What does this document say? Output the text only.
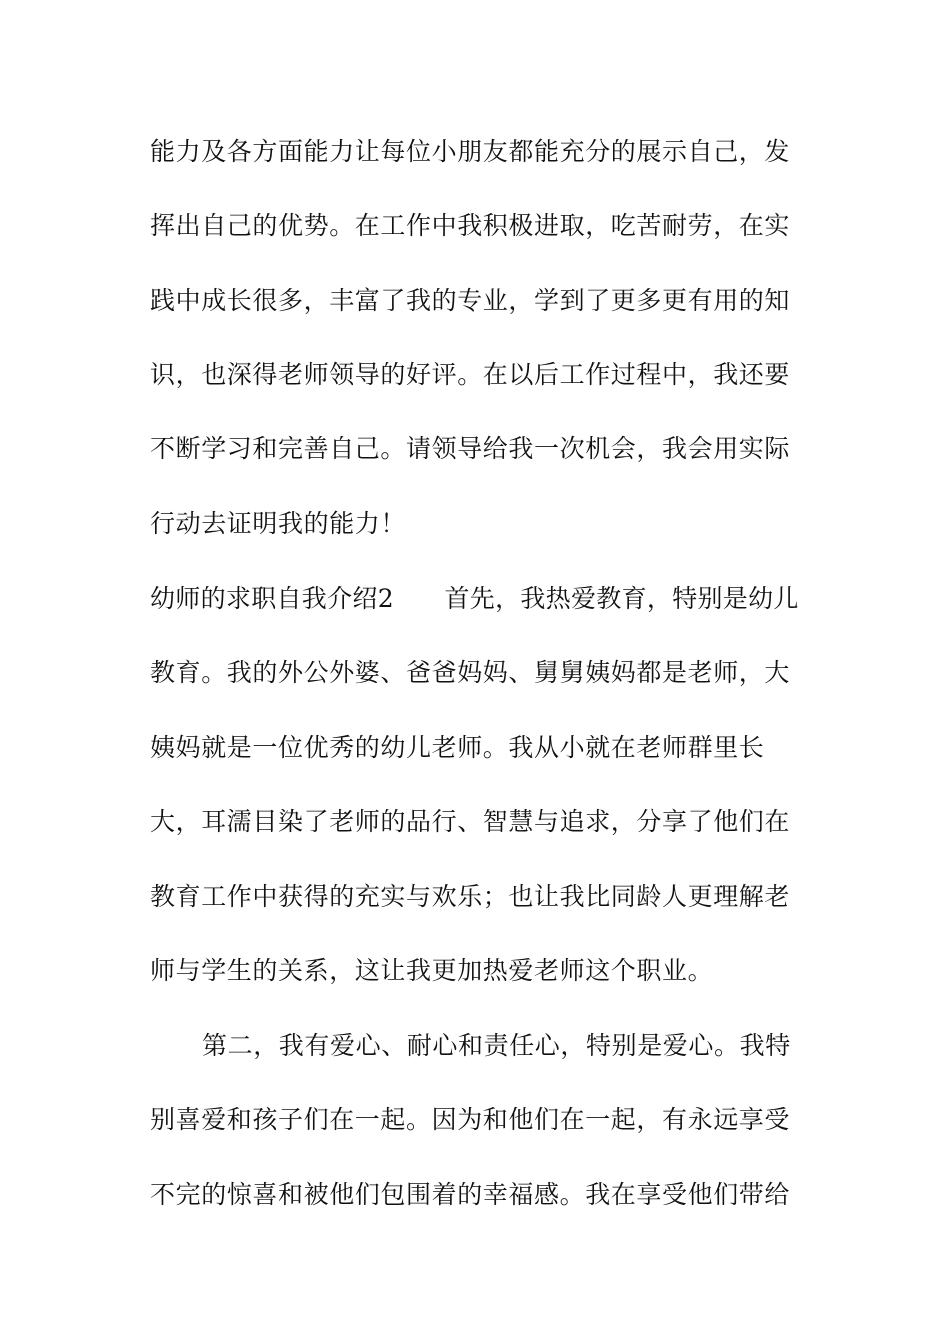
能力及各方面能力让每位小朋友都能充分的展示自己，发
挥出自己的优势。在工作中我积极进取，吃苦耐劳，在实
践中成长很多，丰富了我的专业，学到了更多更有用的知
识，也深得老师领导的好评。在以后工作过程中，我还要
不断学习和完善自己。请领导给我一次机会，我会用实际
行动去证明我的能力！
幼师的求职自我介绍2　　首先，我热爱教育，特别是幼儿
教育。我的外公外婆、爸爸妈妈、舅舅姨妈都是老师，大
姨妈就是一位优秀的幼儿老师。我从小就在老师群里长
大，耳濡目染了老师的品行、智慧与追求，分享了他们在
教育工作中获得的充实与欢乐；也让我比同龄人更理解老
师与学生的关系，这让我更加热爱老师这个职业。
第二，我有爱心、耐心和责任心，特别是爱心。我特
别喜爱和孩子们在一起。因为和他们在一起，有永远享受
不完的惊喜和被他们包围着的幸福感。我在享受他们带给
